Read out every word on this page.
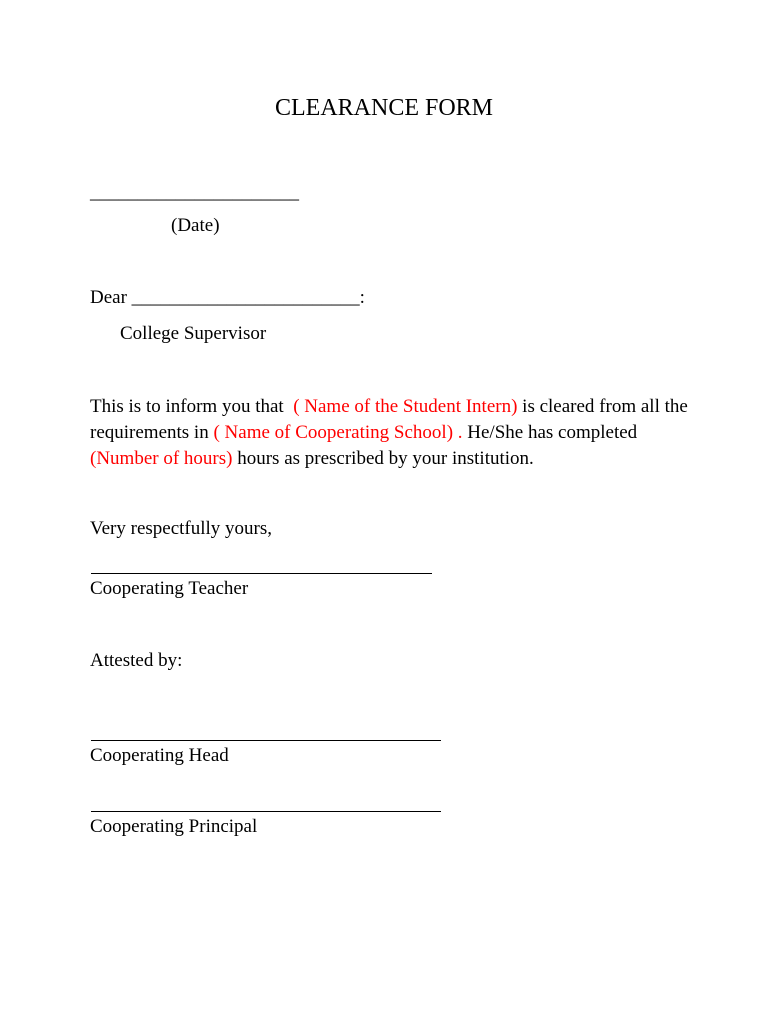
CLEARANCE FORM
______________________
(Date)
Dear ________________________:
College Supervisor
This is to inform you that ( Name of the Student Intern) is cleared from all the requirements in ( Name of Cooperating School) . He/She has completed  (Number of hours) hours as prescribed by your institution.
Very respectfully yours,
Cooperating Teacher
Attested by:
Cooperating Head
Cooperating Principal
